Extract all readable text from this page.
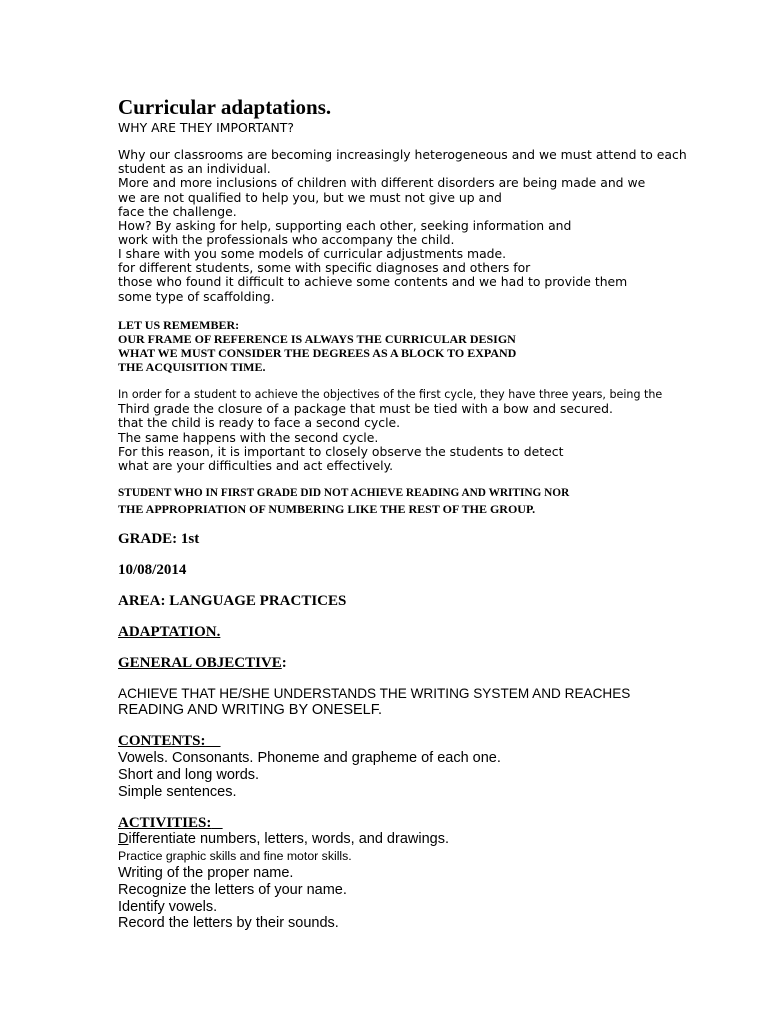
Curricular adaptations.
WHY ARE THEY IMPORTANT?
Why our classrooms are becoming increasingly heterogeneous and we must attend to each
student as an individual.
More and more inclusions of children with different disorders are being made and we
we are not qualified to help you, but we must not give up and
face the challenge.
How? By asking for help, supporting each other, seeking information and
work with the professionals who accompany the child.
I share with you some models of curricular adjustments made.
for different students, some with specific diagnoses and others for
those who found it difficult to achieve some contents and we had to provide them
some type of scaffolding.
LET US REMEMBER:
OUR FRAME OF REFERENCE IS ALWAYS THE CURRICULAR DESIGN
WHAT WE MUST CONSIDER THE DEGREES AS A BLOCK TO EXPAND
THE ACQUISITION TIME.
In order for a student to achieve the objectives of the first cycle, they have three years, being the
Third grade the closure of a package that must be tied with a bow and secured.
that the child is ready to face a second cycle.
The same happens with the second cycle.
For this reason, it is important to closely observe the students to detect
what are your difficulties and act effectively.
STUDENT WHO IN FIRST GRADE DID NOT ACHIEVE READING AND WRITING NOR
THE APPROPRIATION OF NUMBERING LIKE THE REST OF THE GROUP.
GRADE: 1st
10/08/2014
AREA: LANGUAGE PRACTICES
ADAPTATION.
GENERAL OBJECTIVE:
ACHIEVE THAT HE/SHE UNDERSTANDS THE WRITING SYSTEM AND REACHES
READING AND WRITING BY ONESELF.
CONTENTS:
Vowels. Consonants. Phoneme and grapheme of each one.
Short and long words.
Simple sentences.
ACTIVITIES:
Differentiate numbers, letters, words, and drawings.
Practice graphic skills and fine motor skills.
Writing of the proper name.
Recognize the letters of your name.
Identify vowels.
Record the letters by their sounds.
